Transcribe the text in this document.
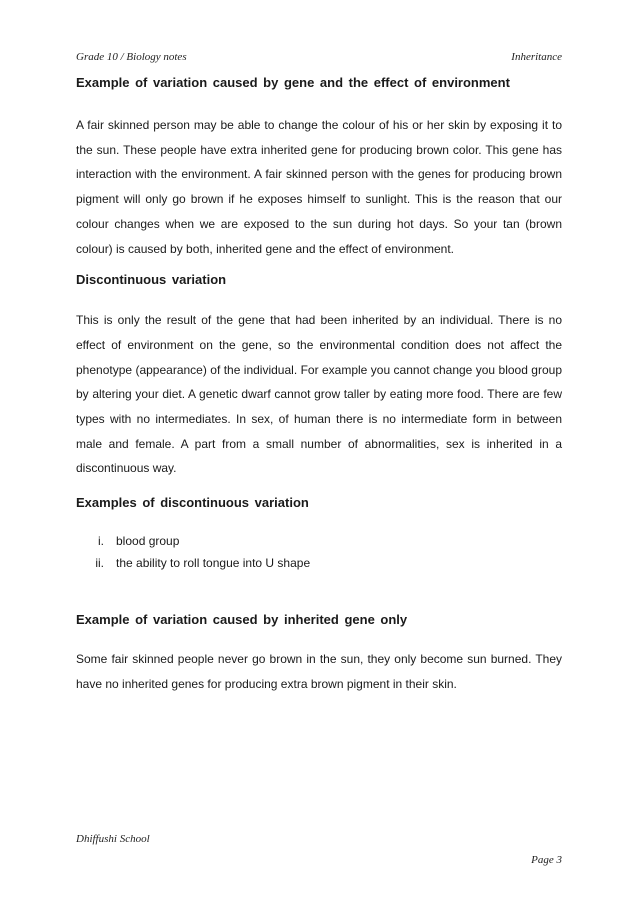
Grade 10 / Biology notes	Inheritance
Example of variation caused by gene and the effect of environment

A fair skinned person may be able to change the colour of his or her skin by exposing it to the sun. These people have extra inherited gene for producing brown color. This gene has interaction with the environment. A fair skinned person with the genes for producing brown pigment will only go brown if he exposes himself to sunlight. This is the reason that our colour changes when we are exposed to the sun during hot days. So your tan (brown colour) is caused by both, inherited gene and the effect of environment.

Discontinuous variation

This is only the result of the gene that had been inherited by an individual. There is no effect of environment on the gene, so the environmental condition does not affect the phenotype (appearance) of the individual. For example you cannot change you blood group by altering your diet. A genetic dwarf cannot grow taller by eating more food. There are few types with no intermediates. In sex, of human there is no intermediate form in between male and female. A part from a small number of abnormalities, sex is inherited in a discontinuous way.

Examples of discontinuous variation
i. blood group
ii. the ability to roll tongue into U shape
Example of variation caused by inherited gene only

Some fair skinned people never go brown in the sun, they only become sun burned. They have no inherited genes for producing extra brown pigment in their skin.

Dhiffushi School
Page 3
